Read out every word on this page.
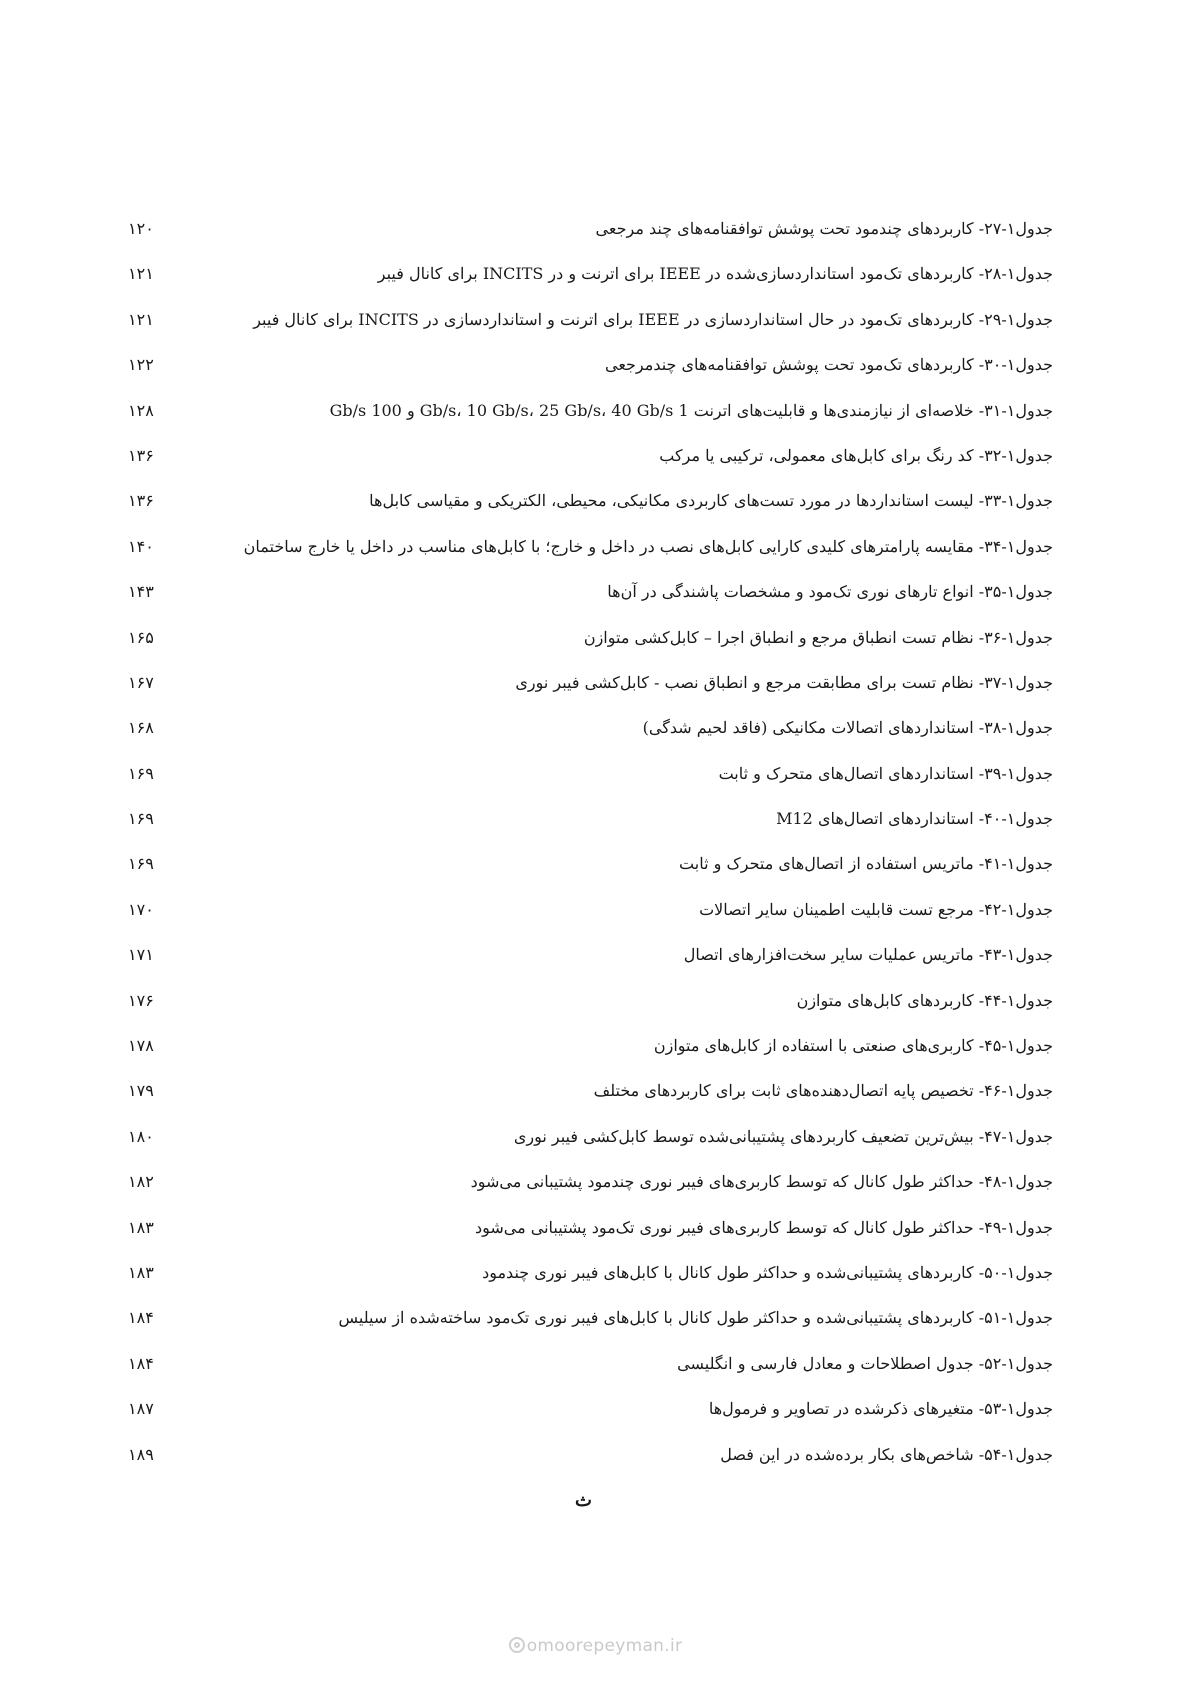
امورپیمان
جدول۱-۲۷- کاربردهای چندمود تحت پوشش توافقنامه‌های چند مرجعی
۱۲۰
جدول۱-۲۸- کاربردهای تک‌مود استانداردسازی‌شده در IEEE برای اترنت و در INCITS برای کانال فیبر
۱۲۱
جدول۱-۲۹- کاربردهای تک‌مود در حال استانداردسازی در IEEE برای اترنت و استانداردسازی در INCITS برای کانال فیبر
۱۲۱
جدول۱-۳۰- کاربردهای تک‌مود تحت پوشش توافقنامه‌های چندمرجعی
۱۲۲
جدول۱-۳۱- خلاصه‌ای از نیازمندی‌ها و قابلیت‌های اترنت 1 Gb/s، 10 Gb/s، 25 Gb/s، 40 Gb/s و 100 Gb/s
۱۲۸
جدول۱-۳۲- کد رنگ برای کابل‌های معمولی، ترکیبی یا مرکب
۱۳۶
جدول۱-۳۳- لیست استانداردها در مورد تست‌های کاربردی مکانیکی، محیطی، الکتریکی و مقیاسی کابل‌ها
۱۳۶
جدول۱-۳۴- مقایسه پارامترهای کلیدی کارایی کابل‌های نصب در داخل و خارج؛ با کابل‌های مناسب در داخل یا خارج ساختمان
۱۴۰
جدول۱-۳۵- انواع تارهای نوری تک‌مود و مشخصات پاشندگی در آن‌ها
۱۴۳
جدول۱-۳۶- نظام تست انطباق مرجع و انطباق اجرا – کابل‌کشی متوازن
۱۶۵
جدول۱-۳۷- نظام تست برای مطابقت مرجع و انطباق نصب - کابل‌کشی فیبر نوری
۱۶۷
جدول۱-۳۸- استانداردهای اتصالات مکانیکی (فاقد لحیم شدگی)
۱۶۸
جدول۱-۳۹- استانداردهای اتصال‌های متحرک و ثابت
۱۶۹
جدول۱-۴۰- استانداردهای اتصال‌های M12
۱۶۹
جدول۱-۴۱- ماتریس استفاده از اتصال‌های متحرک و ثابت
۱۶۹
جدول۱-۴۲- مرجع تست قابلیت اطمینان سایر اتصالات
۱۷۰
جدول۱-۴۳- ماتریس عملیات سایر سخت‌افزارهای اتصال
۱۷۱
جدول۱-۴۴- کاربردهای کابل‌های متوازن
۱۷۶
جدول۱-۴۵- کاربری‌های صنعتی با استفاده از کابل‌های متوازن
۱۷۸
جدول۱-۴۶- تخصیص پایه اتصال‌دهنده‌های ثابت برای کاربردهای مختلف
۱۷۹
جدول۱-۴۷- بیش‌ترین تضعیف کاربردهای پشتیبانی‌شده توسط کابل‌کشی فیبر نوری
۱۸۰
جدول۱-۴۸- حداکثر طول کانال که توسط کاربری‌های فیبر نوری چندمود پشتیبانی می‌شود
۱۸۲
جدول۱-۴۹- حداکثر طول کانال که توسط کاربری‌های فیبر نوری تک‌مود پشتیبانی می‌شود
۱۸۳
جدول۱-۵۰- کاربردهای پشتیبانی‌شده و حداکثر طول کانال با کابل‌های فیبر نوری چندمود
۱۸۳
جدول۱-۵۱- کاربردهای پشتیبانی‌شده و حداکثر طول کانال با کابل‌های فیبر نوری تک‌مود ساخته‌شده از سیلیس
۱۸۴
جدول۱-۵۲- جدول اصطلاحات و معادل فارسی و انگلیسی
۱۸۴
جدول۱-۵۳- متغیرهای ذکرشده در تصاویر و فرمول‌ها
۱۸۷
جدول۱-۵۴- شاخص‌های بکار برده‌شده در این فصل
۱۸۹
ث
omoorepeyman.ir
